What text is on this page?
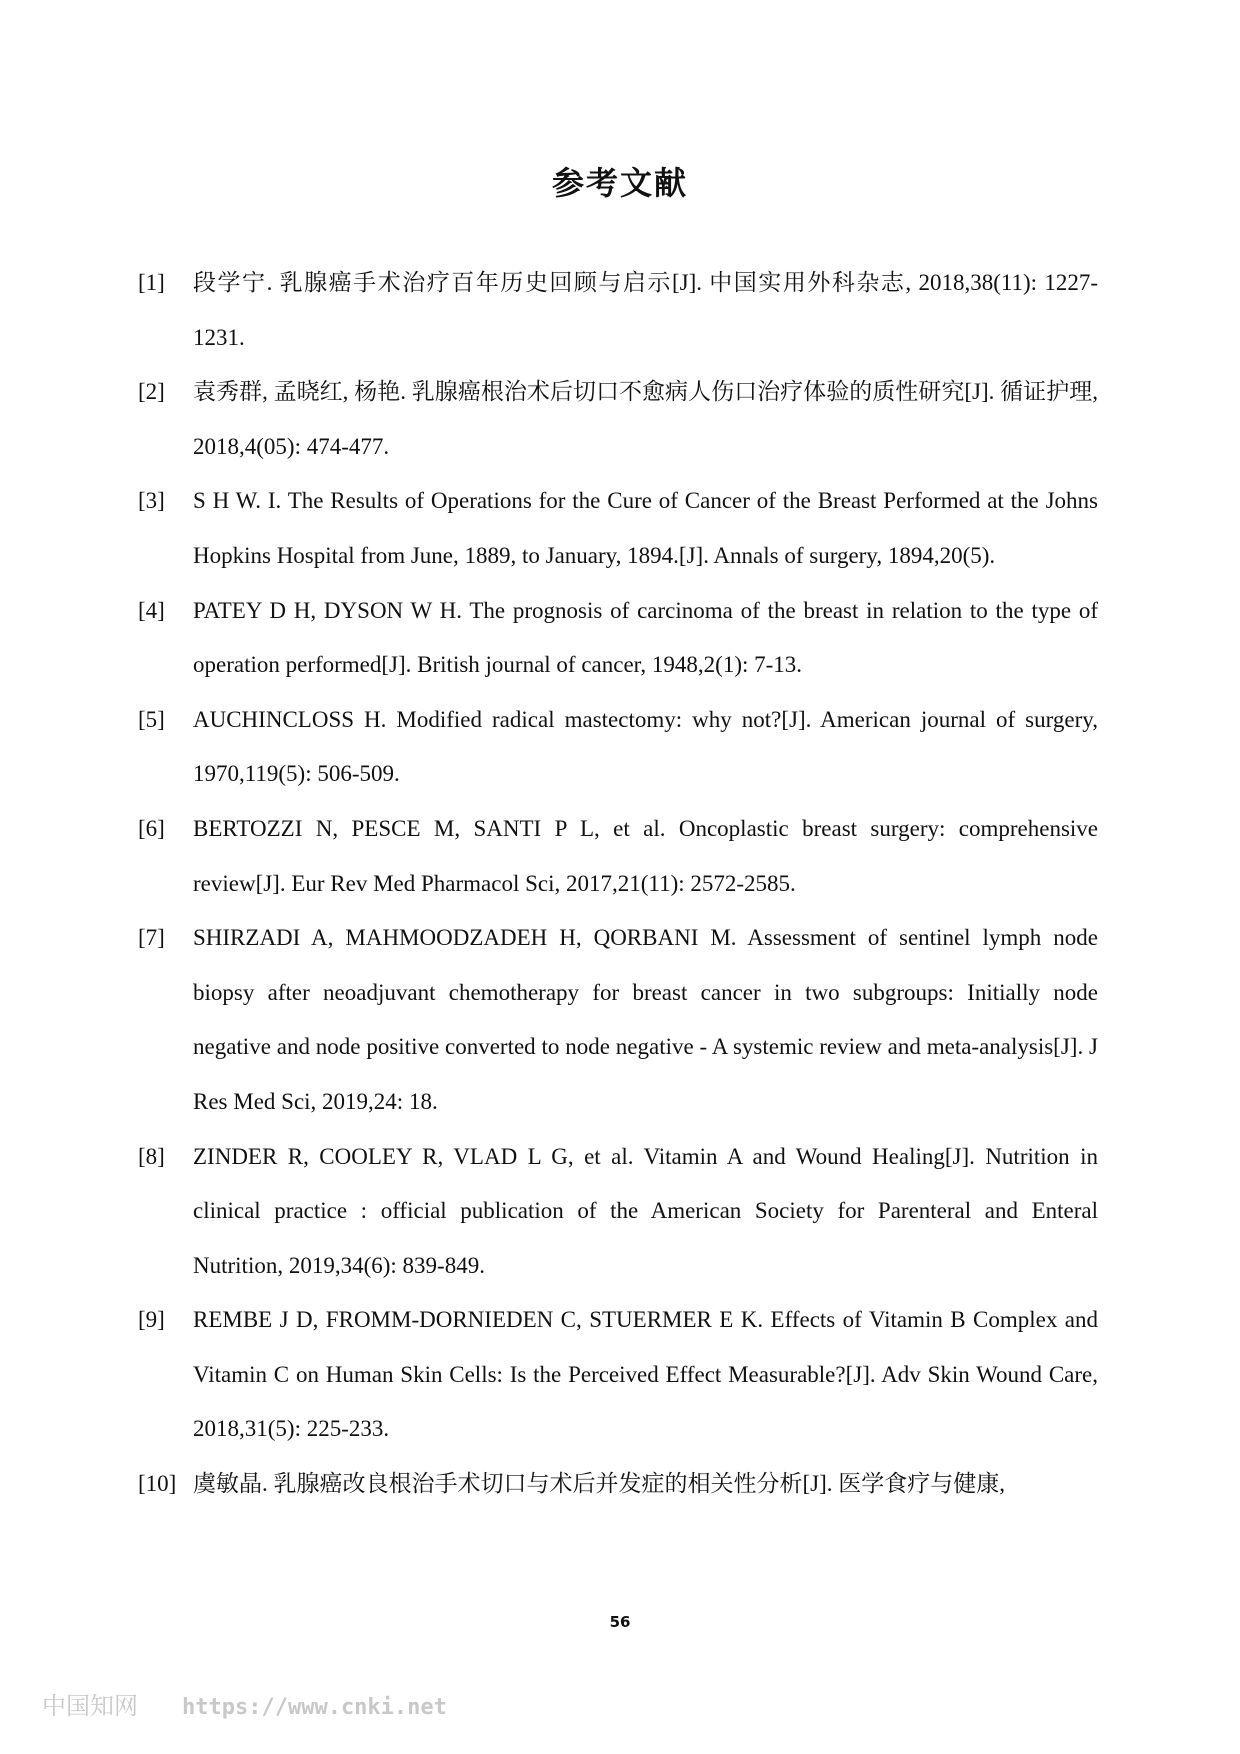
参考文献
[1]	段学宁. 乳腺癌手术治疗百年历史回顾与启示[J]. 中国实用外科杂志, 2018,38(11): 1227-1231.
[2]	袁秀群, 孟晓红, 杨艳. 乳腺癌根治术后切口不愈病人伤口治疗体验的质性研究[J]. 循证护理, 2018,4(05): 474-477.
[3]	S H W. I. The Results of Operations for the Cure of Cancer of the Breast Performed at the Johns Hopkins Hospital from June, 1889, to January, 1894.[J]. Annals of surgery, 1894,20(5).
[4]	PATEY D H, DYSON W H. The prognosis of carcinoma of the breast in relation to the type of operation performed[J]. British journal of cancer, 1948,2(1): 7-13.
[5]	AUCHINCLOSS H. Modified radical mastectomy: why not?[J]. American journal of surgery, 1970,119(5): 506-509.
[6]	BERTOZZI N, PESCE M, SANTI P L, et al. Oncoplastic breast surgery: comprehensive review[J]. Eur Rev Med Pharmacol Sci, 2017,21(11): 2572-2585.
[7]	SHIRZADI A, MAHMOODZADEH H, QORBANI M. Assessment of sentinel lymph node biopsy after neoadjuvant chemotherapy for breast cancer in two subgroups: Initially node negative and node positive converted to node negative - A systemic review and meta-analysis[J]. J Res Med Sci, 2019,24: 18.
[8]	ZINDER R, COOLEY R, VLAD L G, et al. Vitamin A and Wound Healing[J]. Nutrition in clinical practice : official publication of the American Society for Parenteral and Enteral Nutrition, 2019,34(6): 839-849.
[9]	REMBE J D, FROMM-DORNIEDEN C, STUERMER E K. Effects of Vitamin B Complex and Vitamin C on Human Skin Cells: Is the Perceived Effect Measurable?[J]. Adv Skin Wound Care, 2018,31(5): 225-233.
[10] 虞敏晶. 乳腺癌改良根治手术切口与术后并发症的相关性分析[J]. 医学食疗与健康,
56
中国知网 https://www.cnki.net
